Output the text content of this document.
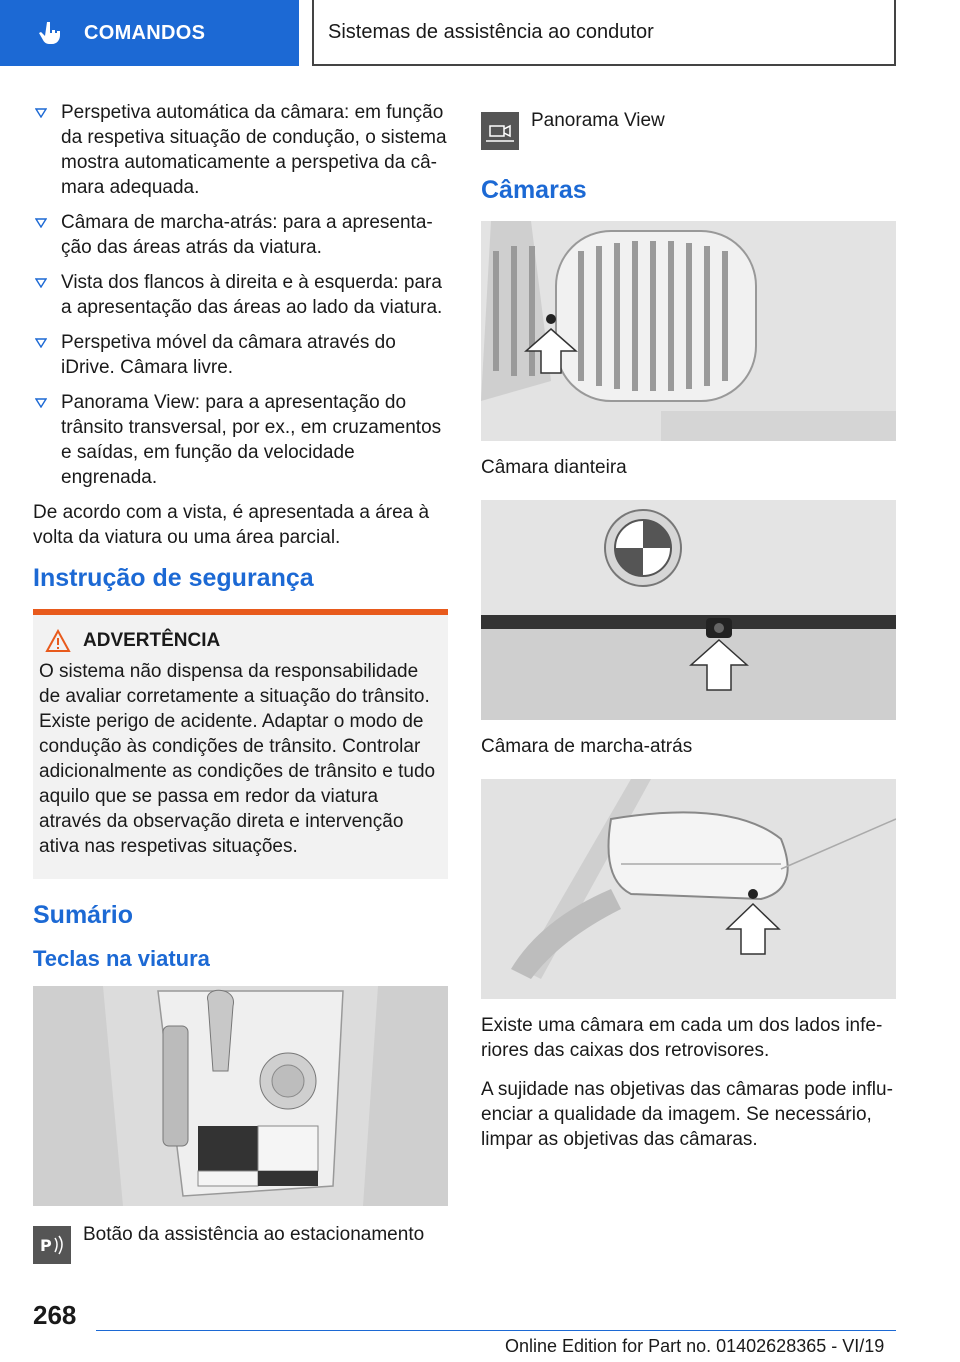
COMANDOS	Sistemas de assistência ao condutor
Perspetiva automática da câmara: em função da respetiva situação de condução, o sistema mostra automaticamente a perspetiva da câmara adequada.
Câmara de marcha-atrás: para a apresentação das áreas atrás da viatura.
Vista dos flancos à direita e à esquerda: para a apresentação das áreas ao lado da viatura.
Perspetiva móvel da câmara através do iDrive. Câmara livre.
Panorama View: para a apresentação do trânsito transversal, por ex., em cruzamentos e saídas, em função da velocidade engrenada.

De acordo com a vista, é apresentada a área à volta da viatura ou uma área parcial.

Instrução de segurança
ADVERTÊNCIA
O sistema não dispensa da responsabilidade de avaliar corretamente a situação do trânsito. Existe perigo de acidente. Adaptar o modo de condução às condições de trânsito. Controlar adicionalmente as condições de trânsito e tudo aquilo que se passa em redor da viatura através da observação direta e intervenção ativa nas respetivas situações.
Sumário
Teclas na viatura
P
Botão da assistência ao estacionamento
Panorama View
Câmaras

Câmara dianteira

Câmara de marcha-atrás

Existe uma câmara em cada um dos lados inferiores das caixas dos retrovisores.

A sujidade nas objetivas das câmaras pode influenciar a qualidade da imagem. Se necessário, limpar as objetivas das câmaras.

268
Online Edition for Part no. 01402628365 - VI/19
